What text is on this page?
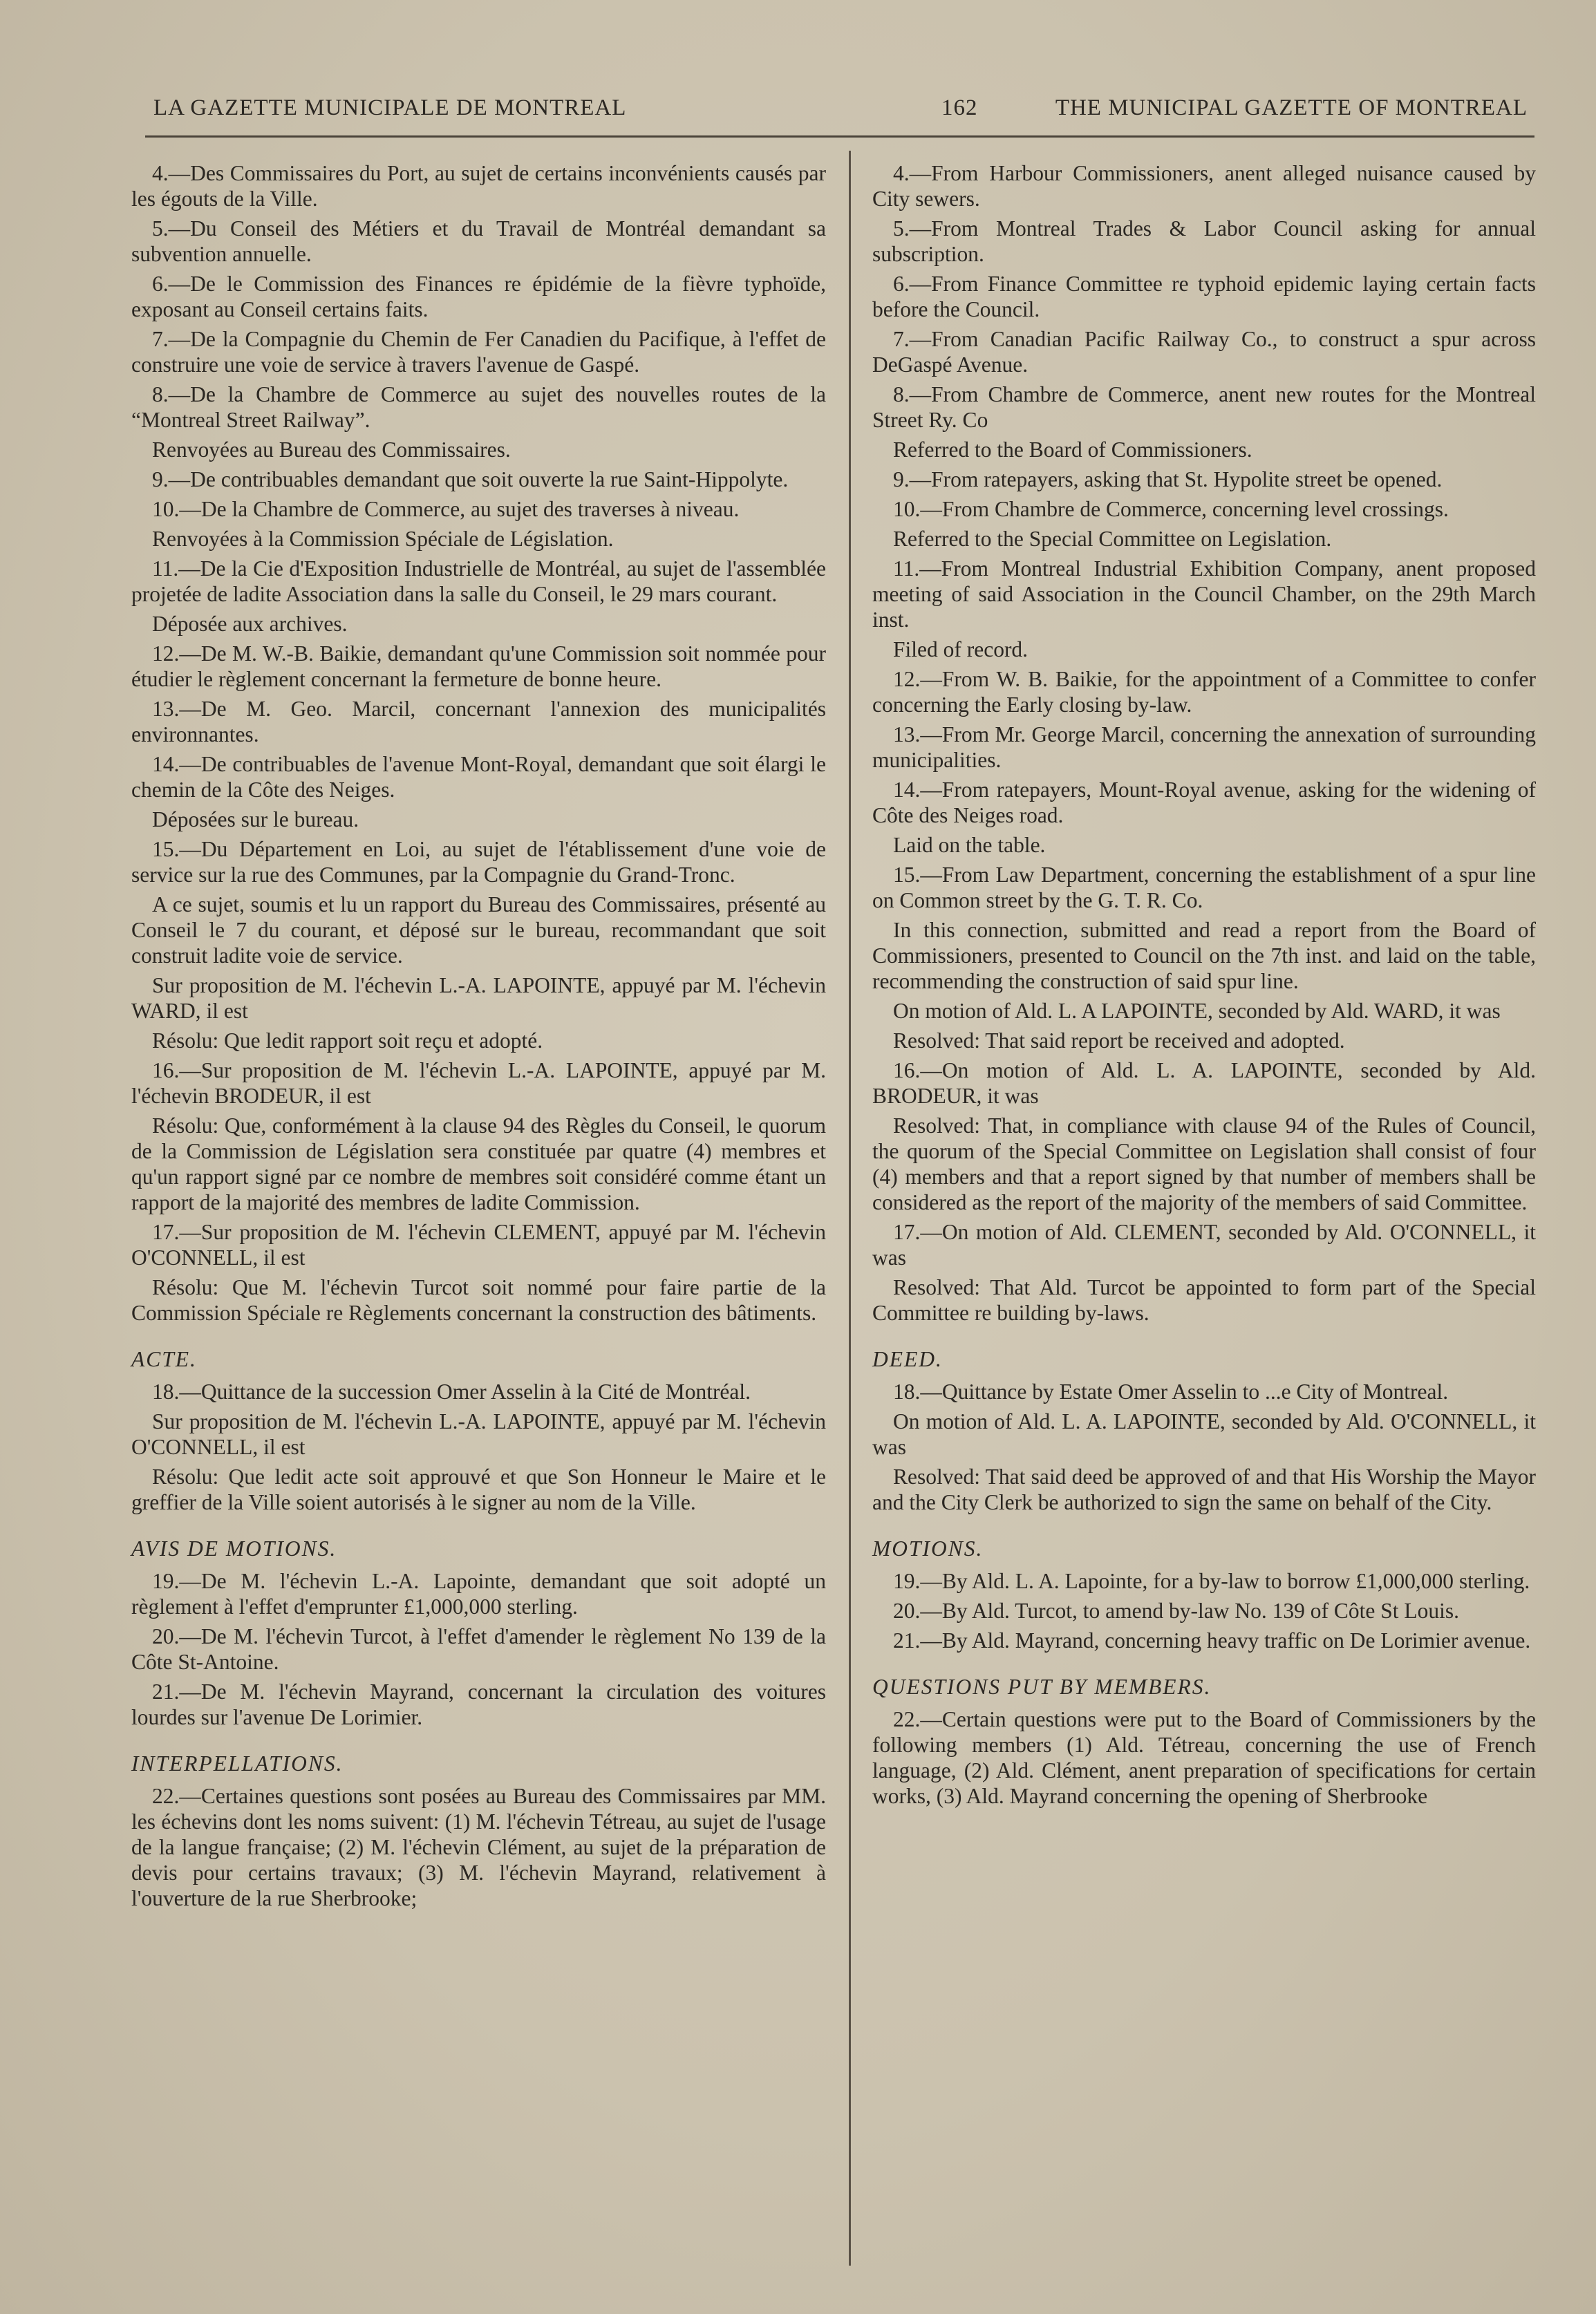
LA GAZETTE MUNICIPALE DE MONTREAL	162	THE MUNICIPAL GAZETTE OF MONTREAL

4.—Des Commissaires du Port, au sujet de certains inconvénients causés par les égouts de la Ville.

5.—Du Conseil des Métiers et du Travail de Montréal demandant sa subvention annuelle.

6.—De le Commission des Finances re épidémie de la fièvre typhoïde, exposant au Conseil certains faits.

7.—De la Compagnie du Chemin de Fer Canadien du Pacifique, à l'effet de construire une voie de service à travers l'avenue de Gaspé.

8.—De la Chambre de Commerce au sujet des nouvelles routes de la “Montreal Street Railway”.

Renvoyées au Bureau des Commissaires.

9.—De contribuables demandant que soit ouverte la rue Saint-Hippolyte.

10.—De la Chambre de Commerce, au sujet des traverses à niveau.

Renvoyées à la Commission Spéciale de Législation.

11.—De la Cie d'Exposition Industrielle de Montréal, au sujet de l'assemblée projetée de ladite Association dans la salle du Conseil, le 29 mars courant.

Déposée aux archives.

12.—De M. W.-B. Baikie, demandant qu'une Commission soit nommée pour étudier le règlement concernant la fermeture de bonne heure.

13.—De M. Geo. Marcil, concernant l'annexion des municipalités environnantes.

14.—De contribuables de l'avenue Mont-Royal, demandant que soit élargi le chemin de la Côte des Neiges.

Déposées sur le bureau.

15.—Du Département en Loi, au sujet de l'établissement d'une voie de service sur la rue des Communes, par la Compagnie du Grand-Tronc.

A ce sujet, soumis et lu un rapport du Bureau des Commissaires, présenté au Conseil le 7 du courant, et déposé sur le bureau, recommandant que soit construit ladite voie de service.

Sur proposition de M. l'échevin L.-A. LAPOINTE, appuyé par M. l'échevin WARD, il est

Résolu: Que ledit rapport soit reçu et adopté.

16.—Sur proposition de M. l'échevin L.-A. LAPOINTE, appuyé par M. l'échevin BRODEUR, il est

Résolu: Que, conformément à la clause 94 des Règles du Conseil, le quorum de la Commission de Législation sera constituée par quatre (4) membres et qu'un rapport signé par ce nombre de membres soit considéré comme étant un rapport de la majorité des membres de ladite Commission.

17.—Sur proposition de M. l'échevin CLEMENT, appuyé par M. l'échevin O'CONNELL, il est

Résolu: Que M. l'échevin Turcot soit nommé pour faire partie de la Commission Spéciale re Règlements concernant la construction des bâtiments.

ACTE.

18.—Quittance de la succession Omer Asselin à la Cité de Montréal.

Sur proposition de M. l'échevin L.-A. LAPOINTE, appuyé par M. l'échevin O'CONNELL, il est

Résolu: Que ledit acte soit approuvé et que Son Honneur le Maire et le greffier de la Ville soient autorisés à le signer au nom de la Ville.

AVIS DE MOTIONS.

19.—De M. l'échevin L.-A. Lapointe, demandant que soit adopté un règlement à l'effet d'emprunter £1,000,000 sterling.

20.—De M. l'échevin Turcot, à l'effet d'amender le règlement No 139 de la Côte St-Antoine.

21.—De M. l'échevin Mayrand, concernant la circulation des voitures lourdes sur l'avenue De Lorimier.

INTERPELLATIONS.

22.—Certaines questions sont posées au Bureau des Commissaires par MM. les échevins dont les noms suivent: (1) M. l'échevin Tétreau, au sujet de l'usage de la langue française; (2) M. l'échevin Clément, au sujet de la préparation de devis pour certains travaux; (3) M. l'échevin Mayrand, relativement à l'ouverture de la rue Sherbrooke;

4.—From Harbour Commissioners, anent alleged nuisance caused by City sewers.

5.—From Montreal Trades & Labor Council asking for annual subscription.

6.—From Finance Committee re typhoid epidemic laying certain facts before the Council.

7.—From Canadian Pacific Railway Co., to construct a spur across DeGaspé Avenue.

8.—From Chambre de Commerce, anent new routes for the Montreal Street Ry. Co

Referred to the Board of Commissioners.

9.—From ratepayers, asking that St. Hypolite street be opened.

10.—From Chambre de Commerce, concerning level crossings.

Referred to the Special Committee on Legislation.

11.—From Montreal Industrial Exhibition Company, anent proposed meeting of said Association in the Council Chamber, on the 29th March inst.

Filed of record.

12.—From W. B. Baikie, for the appointment of a Committee to confer concerning the Early closing by-law.

13.—From Mr. George Marcil, concerning the annexation of surrounding municipalities.

14.—From ratepayers, Mount-Royal avenue, asking for the widening of Côte des Neiges road.

Laid on the table.

15.—From Law Department, concerning the establishment of a spur line on Common street by the G. T. R. Co.

In this connection, submitted and read a report from the Board of Commissioners, presented to Council on the 7th inst. and laid on the table, recommending the construction of said spur line.

On motion of Ald. L. A LAPOINTE, seconded by Ald. WARD, it was

Resolved: That said report be received and adopted.

16.—On motion of Ald. L. A. LAPOINTE, seconded by Ald. BRODEUR, it was

Resolved: That, in compliance with clause 94 of the Rules of Council, the quorum of the Special Committee on Legislation shall consist of four (4) members and that a report signed by that number of members shall be considered as the report of the majority of the members of said Committee.

17.—On motion of Ald. CLEMENT, seconded by Ald. O'CONNELL, it was

Resolved: That Ald. Turcot be appointed to form part of the Special Committee re building by-laws.

DEED.

18.—Quittance by Estate Omer Asselin to ...e City of Montreal.

On motion of Ald. L. A. LAPOINTE, seconded by Ald. O'CONNELL, it was

Resolved: That said deed be approved of and that His Worship the Mayor and the City Clerk be authorized to sign the same on behalf of the City.

MOTIONS.

19.—By Ald. L. A. Lapointe, for a by-law to borrow £1,000,000 sterling.

20.—By Ald. Turcot, to amend by-law No. 139 of Côte St Louis.

21.—By Ald. Mayrand, concerning heavy traffic on De Lorimier avenue.

QUESTIONS PUT BY MEMBERS.

22.—Certain questions were put to the Board of Commissioners by the following members (1) Ald. Tétreau, concerning the use of French language, (2) Ald. Clément, anent preparation of specifications for certain works, (3) Ald. Mayrand concerning the opening of Sherbrooke
